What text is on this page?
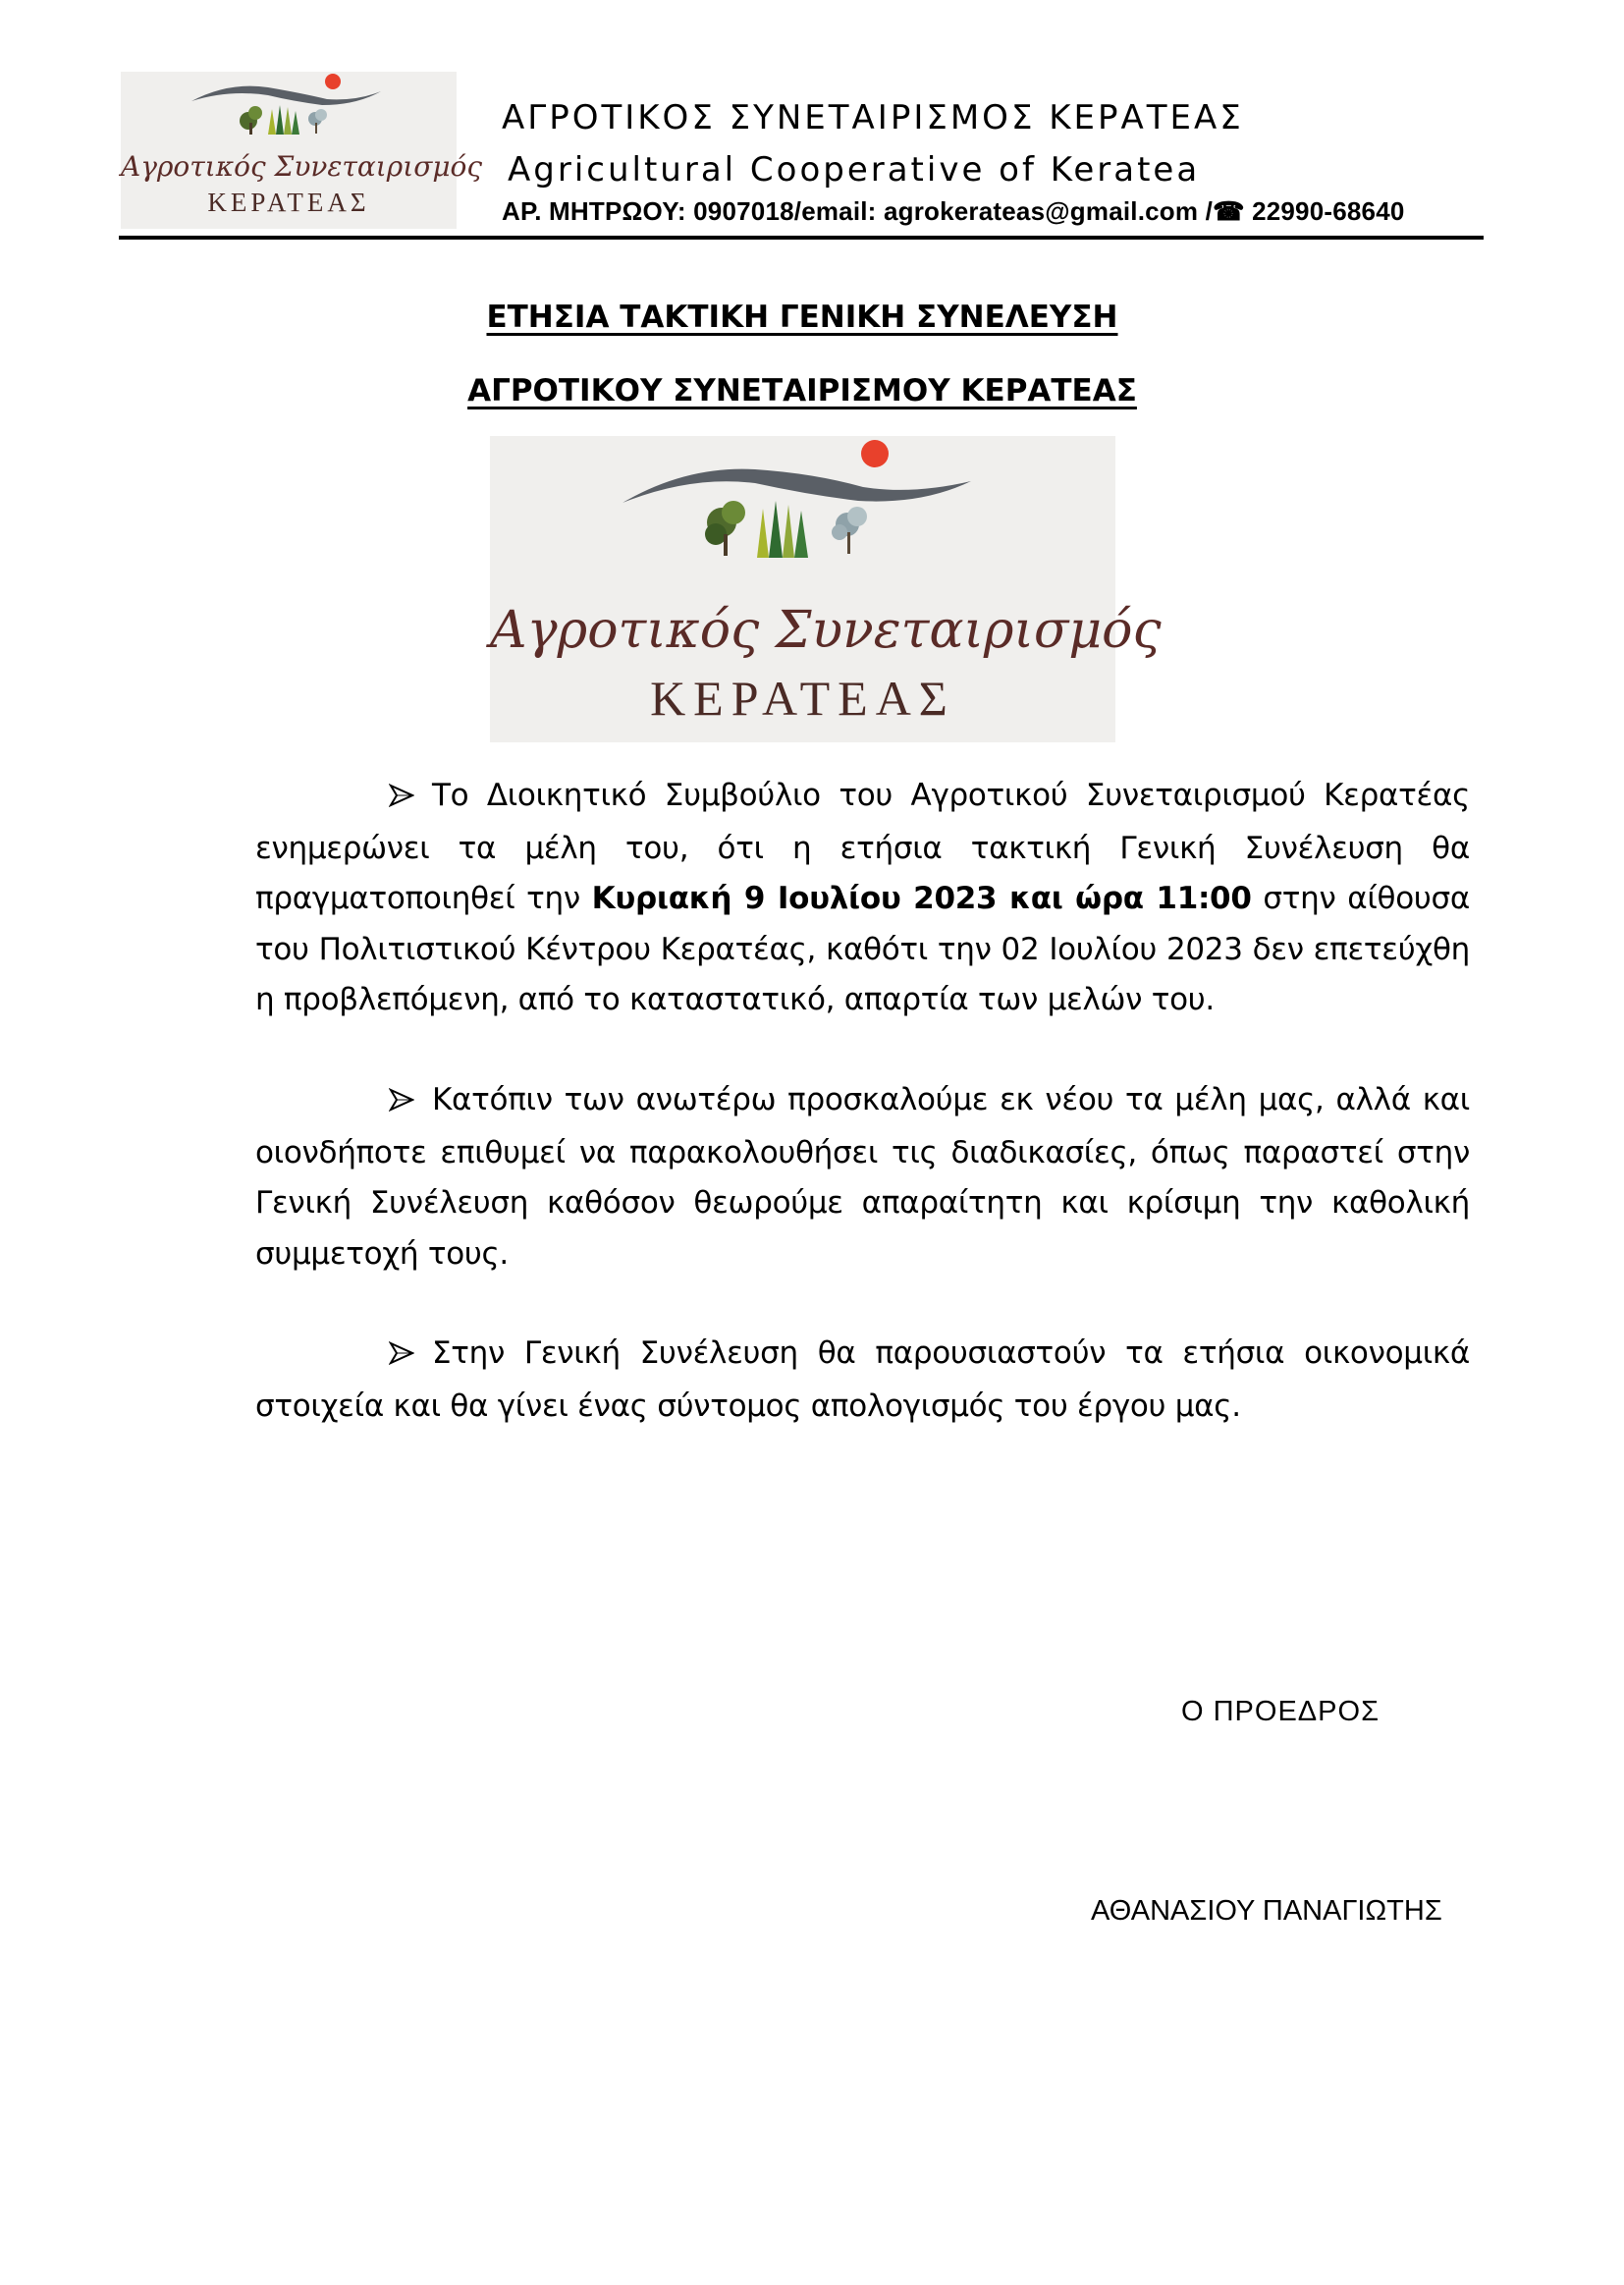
Αγροτικός Συνεταιρισμός
ΚΕΡΑΤΕΑΣ
ΑΓΡΟΤΙΚΟΣ ΣΥΝΕΤΑΙΡΙΣΜΟΣ ΚΕΡΑΤΕΑΣ
Agricultural Cooperative of Keratea
ΑΡ. ΜΗΤΡΩΟΥ: 0907018/email: agrokerateas@gmail.com /☎ 22990-68640
ΕΤΗΣΙΑ ΤΑΚΤΙΚΗ ΓΕΝΙΚΗ ΣΥΝΕΛΕΥΣΗ
ΑΓΡΟΤΙΚΟΥ ΣΥΝΕΤΑΙΡΙΣΜΟΥ ΚΕΡΑΤΕΑΣ
Αγροτικός Συνεταιρισμός
ΚΕΡΑΤΕΑΣ
Το Διοικητικό Συμβούλιο του Αγροτικού Συνεταιρισμού Κερατέας ενημερώνει τα μέλη του, ότι η ετήσια τακτική Γενική Συνέλευση θα πραγματοποιηθεί την Κυριακή 9 Ιουλίου 2023 και ώρα 11:00 στην αίθουσα του Πολιτιστικού Κέντρου Κερατέας, καθότι την 02 Ιουλίου 2023 δεν επετεύχθη η προβλεπόμενη, από το καταστατικό, απαρτία των μελών του.
Κατόπιν των ανωτέρω προσκαλούμε εκ νέου τα μέλη μας, αλλά και οιονδήποτε επιθυμεί να παρακολουθήσει τις διαδικασίες, όπως παραστεί στην Γενική Συνέλευση καθόσον θεωρούμε απαραίτητη και κρίσιμη την καθολική συμμετοχή τους.
Στην Γενική Συνέλευση θα παρουσιαστούν τα ετήσια οικονομικά στοιχεία και θα γίνει ένας σύντομος απολογισμός του έργου μας.
Ο ΠΡΟΕΔΡΟΣ
ΑΘΑΝΑΣΙΟΥ ΠΑΝΑΓΙΩΤΗΣ
